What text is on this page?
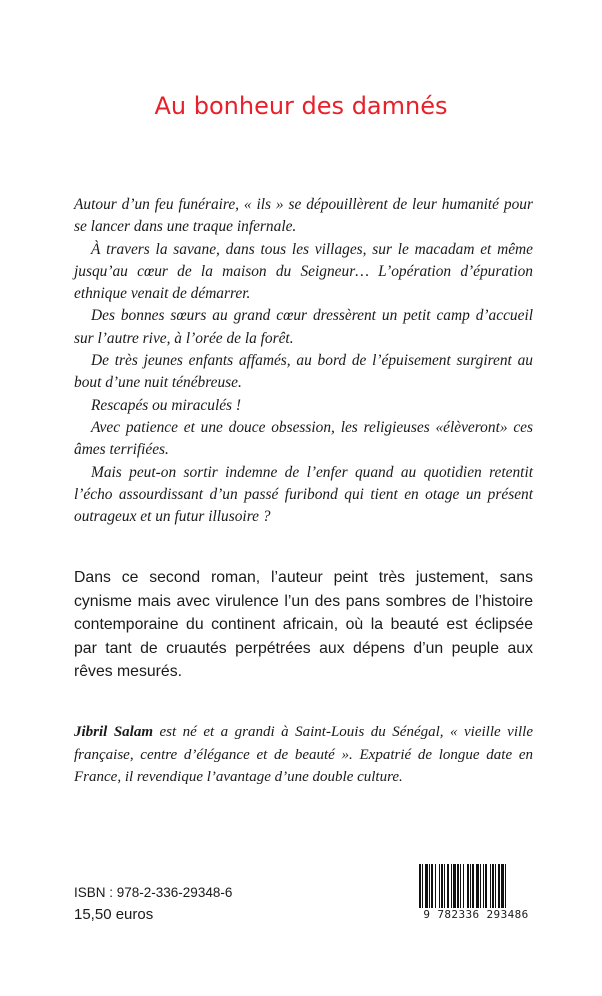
Au bonheur des damnés

Autour d’un feu funéraire, « ils » se dépouillèrent de leur humanité pour se lancer dans une traque infernale.

À travers la savane, dans tous les villages, sur le macadam et même jusqu’au cœur de la maison du Seigneur… L’opération d’épuration ethnique venait de démarrer.

Des bonnes sœurs au grand cœur dressèrent un petit camp d’accueil sur l’autre rive, à l’orée de la forêt.

De très jeunes enfants affamés, au bord de l’épuisement surgirent au bout d’une nuit ténébreuse.

Rescapés ou miraculés !

Avec patience et une douce obsession, les religieuses «élèveront» ces âmes terrifiées.

Mais peut-on sortir indemne de l’enfer quand au quotidien retentit l’écho assourdissant d’un passé furibond qui tient en otage un présent outrageux et un futur illusoire ?

Dans ce second roman, l’auteur peint très justement, sans cynisme mais avec virulence l’un des pans sombres de l’histoire contemporaine du continent africain, où la beauté est éclipsée par tant de cruautés perpétrées aux dépens d’un peuple aux rêves mesurés.

Jibril Salam est né et a grandi à Saint-Louis du Sénégal, « vieille ville française, centre d’élégance et de beauté ». Expatrié de longue date en France, il revendique l’avantage d’une double culture.

ISBN : 978-2-336-29348-6
15,50 euros	9 782336 293486
